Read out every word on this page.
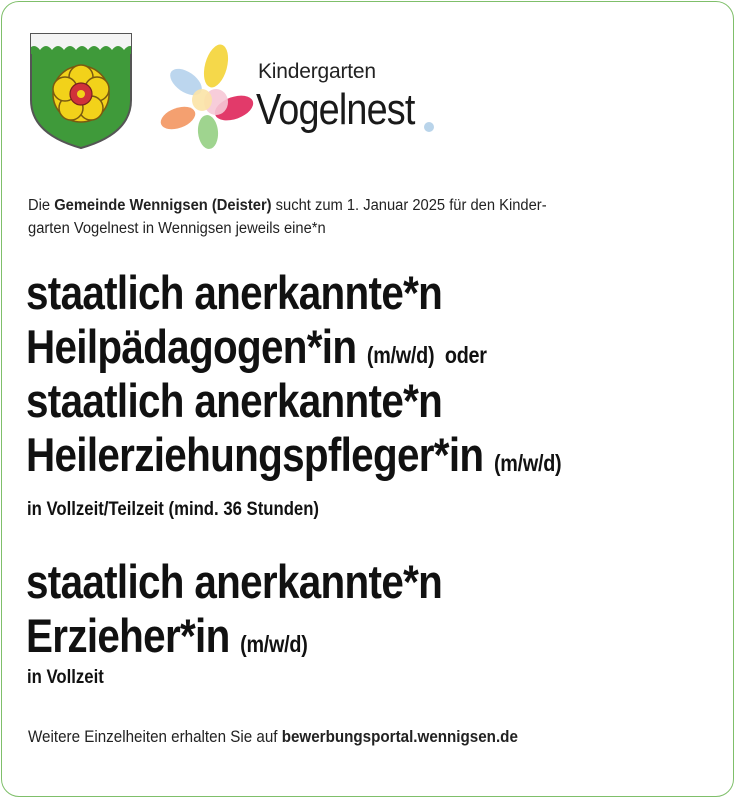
Kindergarten
Vogelnest
Die Gemeinde Wennigsen (Deister) sucht zum 1. Januar 2025 für den Kinder-
garten Vogelnest in Wennigsen jeweils eine*n
staatlich anerkannte*n
Heilpädagogen*in (m/w/d) oder
staatlich anerkannte*n
Heilerziehungspfleger*in (m/w/d)
in Vollzeit/Teilzeit (mind. 36 Stunden)
staatlich anerkannte*n
Erzieher*in (m/w/d)
in Vollzeit
Weitere Einzelheiten erhalten Sie auf bewerbungsportal.wennigsen.de
